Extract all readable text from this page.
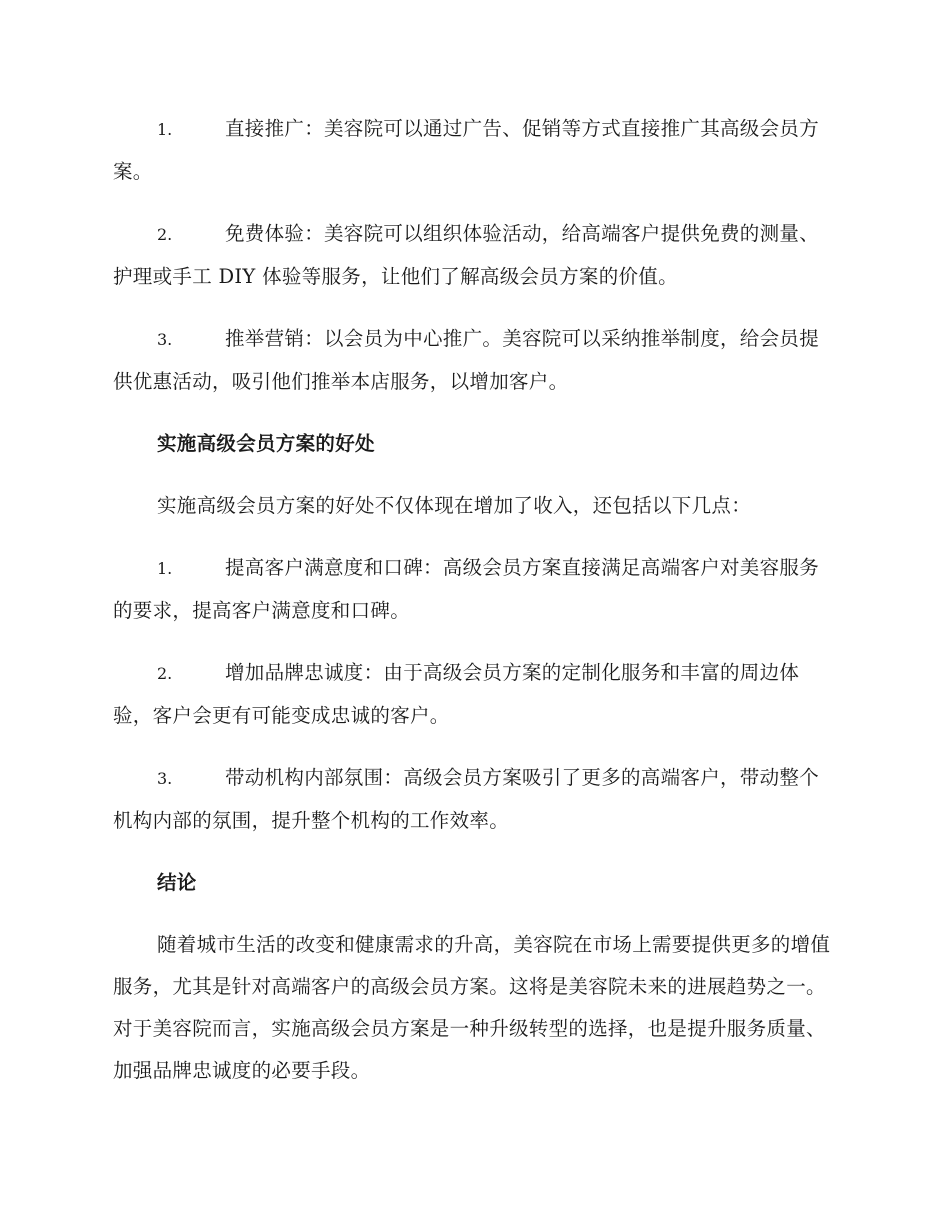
1.	直接推广：美容院可以通过广告、促销等方式直接推广其高级会员方案。
2.	免费体验：美容院可以组织体验活动，给高端客户提供免费的测量、护理或手工 DIY 体验等服务，让他们了解高级会员方案的价值。
3.	推举营销：以会员为中心推广。美容院可以采纳推举制度，给会员提供优惠活动，吸引他们推举本店服务，以增加客户。
实施高级会员方案的好处
实施高级会员方案的好处不仅体现在增加了收入，还包括以下几点：
1.	提高客户满意度和口碑：高级会员方案直接满足高端客户对美容服务的要求，提高客户满意度和口碑。
2.	增加品牌忠诚度：由于高级会员方案的定制化服务和丰富的周边体验，客户会更有可能变成忠诚的客户。
3.	带动机构内部氛围：高级会员方案吸引了更多的高端客户，带动整个机构内部的氛围，提升整个机构的工作效率。
结论
随着城市生活的改变和健康需求的升高，美容院在市场上需要提供更多的增值服务，尤其是针对高端客户的高级会员方案。这将是美容院未来的进展趋势之一。对于美容院而言，实施高级会员方案是一种升级转型的选择，也是提升服务质量、加强品牌忠诚度的必要手段。
